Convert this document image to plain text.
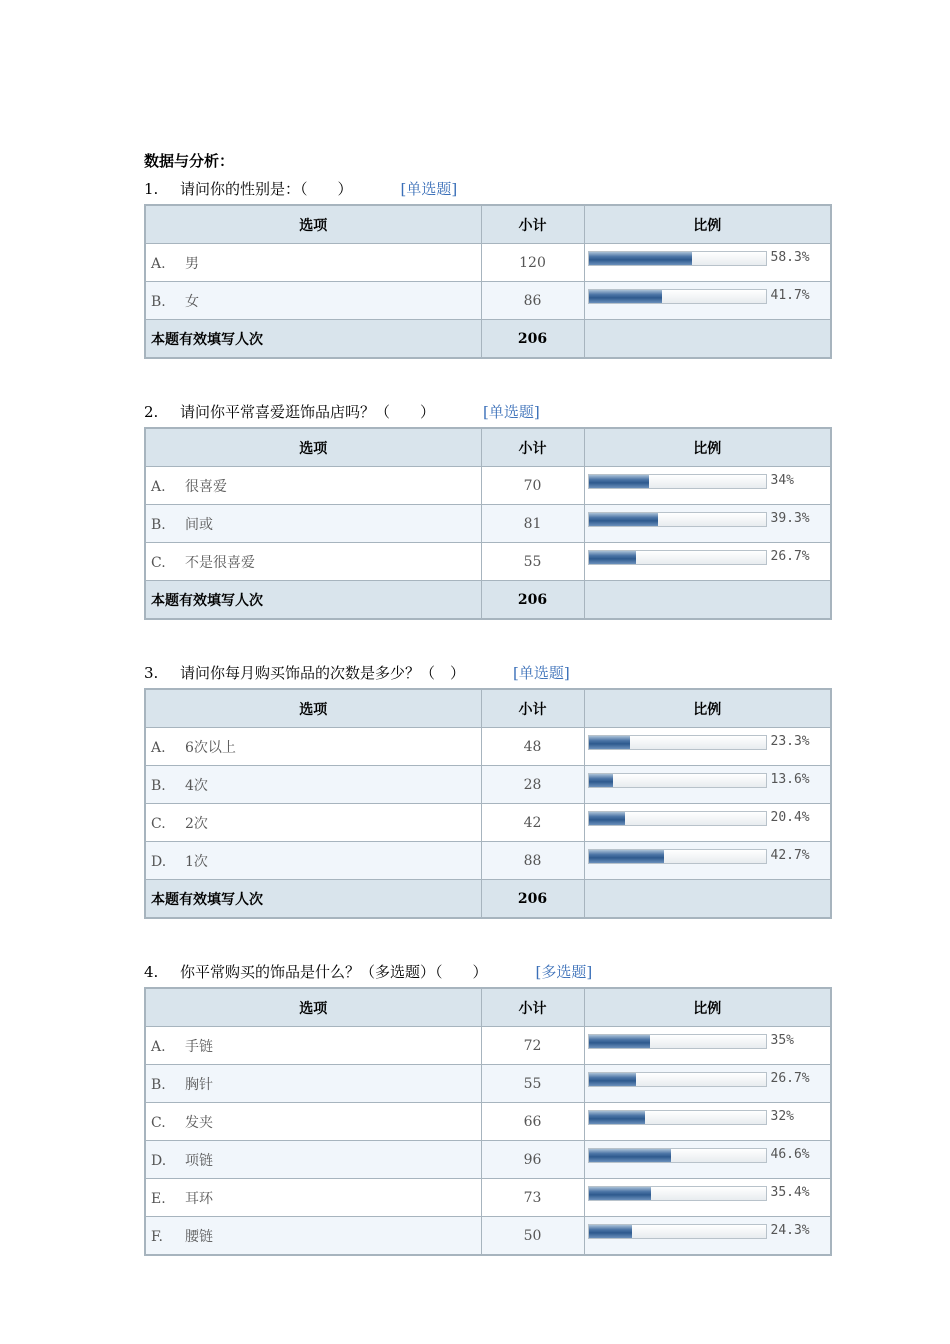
数据与分析：
1.	请问你的性别是：（　　）	[单选题]
选项	小计	比例
A. 男	120	58.3%

B. 女	86	41.7%

本题有效填写人次	206	
2.	请问你平常喜爱逛饰品店吗？（　　）	[单选题]
选项	小计	比例
A. 很喜爱	70	34%

B. 间或	81	39.3%

C. 不是很喜爱	55	26.7%

本题有效填写人次	206	
3.	请问你每月购买饰品的次数是多少？（　）	[单选题]
选项	小计	比例
A. 6次以上	48	23.3%

B. 4次	28	13.6%

C. 2次	42	20.4%

D. 1次	88	42.7%

本题有效填写人次	206	
4.	你平常购买的饰品是什么？（多选题）（　　）	[多选题]
选项	小计	比例
A. 手链	72	35%

B. 胸针	55	26.7%

C. 发夹	66	32%

D. 项链	96	46.6%

E. 耳环	73	35.4%

F. 腰链	50	24.3%
